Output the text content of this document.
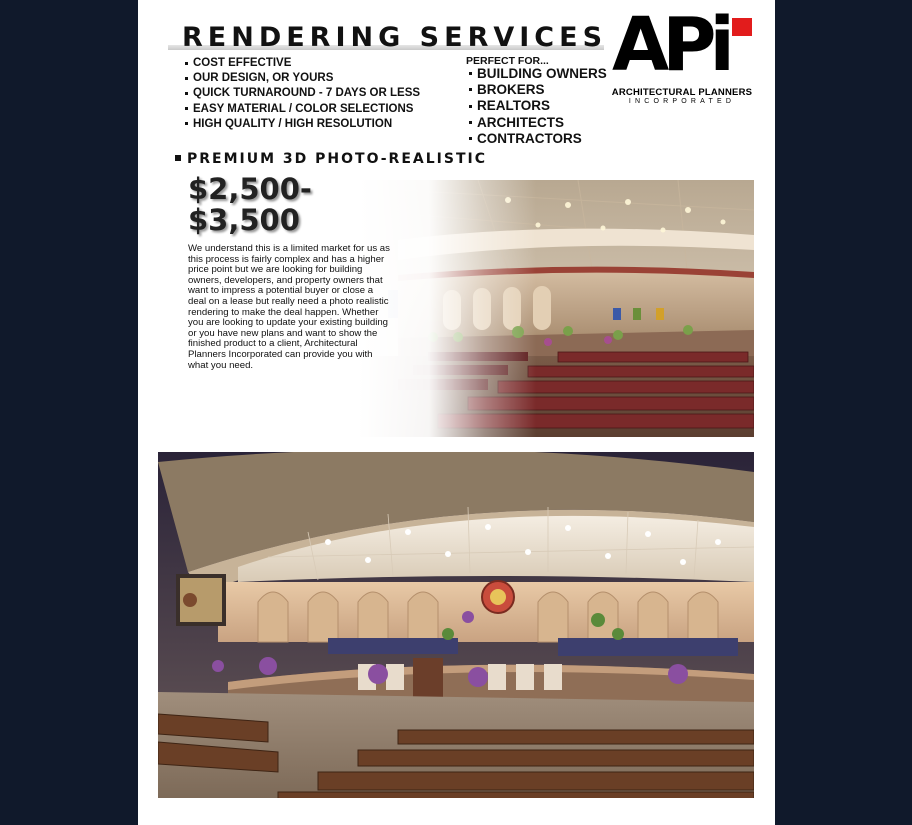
RENDERING SERVICES
COST EFFECTIVE
OUR DESIGN, OR YOURS
QUICK TURNAROUND - 7 DAYS OR LESS
EASY MATERIAL / COLOR SELECTIONS
HIGH QUALITY / HIGH RESOLUTION
PERFECT FOR...
BUILDING OWNERS
BROKERS
REALTORS
ARCHITECTS
CONTRACTORS
APi
ARCHITECTURAL PLANNERS
INCORPORATED
PREMIUM 3D PHOTO-REALISTIC
$2,500-
$3,500
We understand this is a limited market for us as this process is fairly complex and has a higher price point but we are looking for building owners, developers, and property owners that want to impress a potential buyer or close a deal on a lease but really need a photo realistic rendering to make the deal happen. Whether you are looking to update your existing building or you have new plans and want to show the finished product to a client, Architectural Planners Incorporated can provide you with what you need.
